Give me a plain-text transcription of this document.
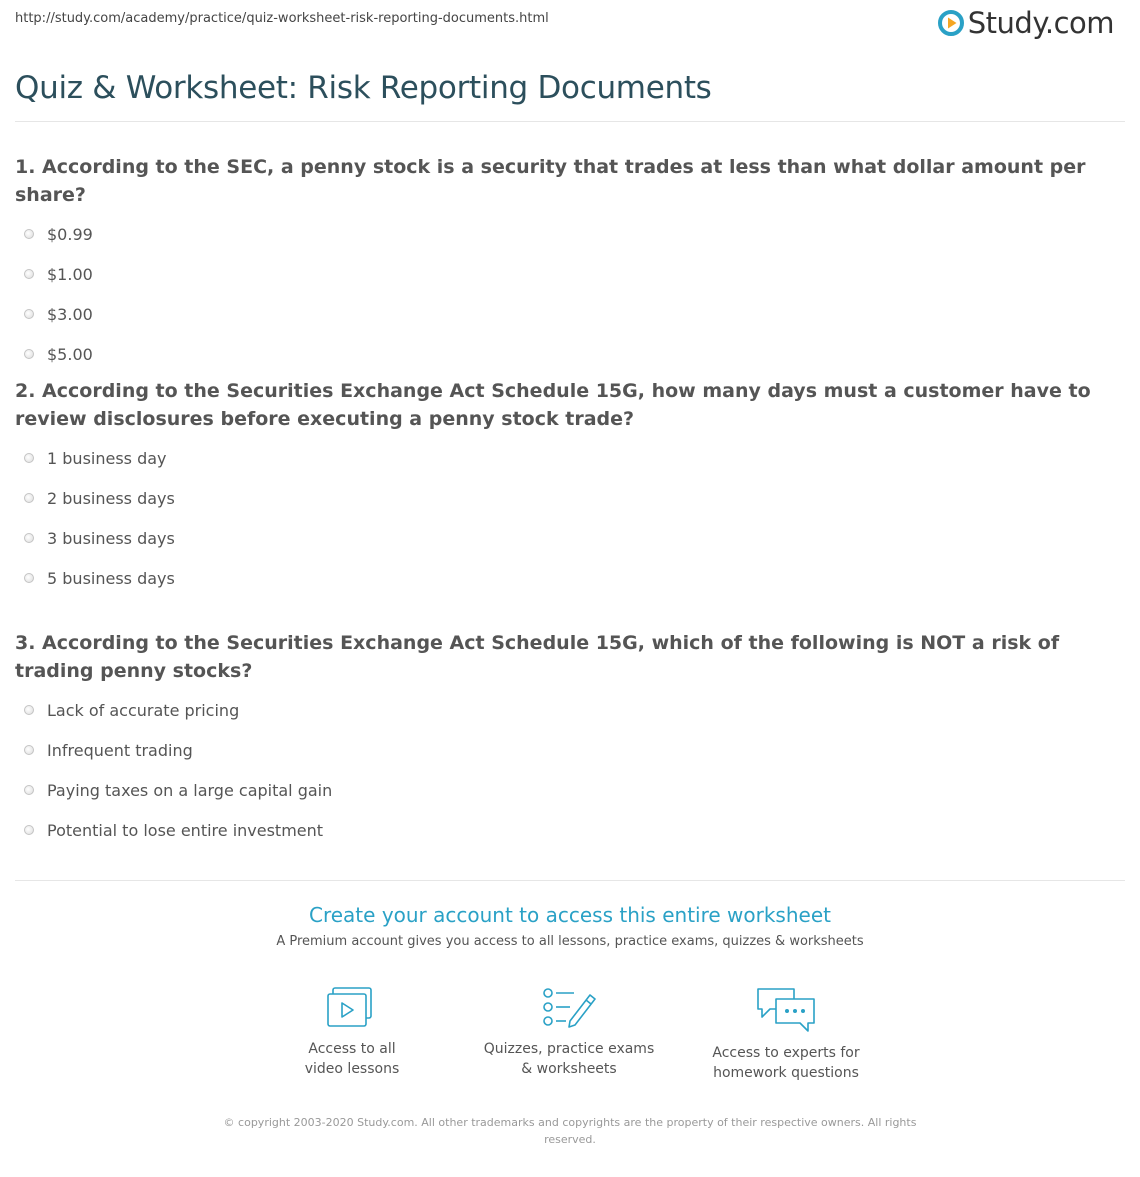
http://study.com/academy/practice/quiz-worksheet-risk-reporting-documents.html	Study.com
Quiz & Worksheet: Risk Reporting Documents

1. According to the SEC, a penny stock is a security that trades at less than what dollar amount per share?

$0.99
$1.00
$3.00
$5.00

2. According to the Securities Exchange Act Schedule 15G, how many days must a customer have to review disclosures before executing a penny stock trade?

1 business day
2 business days
3 business days
5 business days

3. According to the Securities Exchange Act Schedule 15G, which of the following is NOT a risk of trading penny stocks?

Lack of accurate pricing
Infrequent trading
Paying taxes on a large capital gain
Potential to lose entire investment
Create your account to access this entire worksheet
A Premium account gives you access to all lessons, practice exams, quizzes & worksheets
Access to all
video lessons
Quizzes, practice exams
& worksheets
Access to experts for
homework questions
© copyright 2003-2020 Study.com. All other trademarks and copyrights are the property of their respective owners. All rights reserved.
